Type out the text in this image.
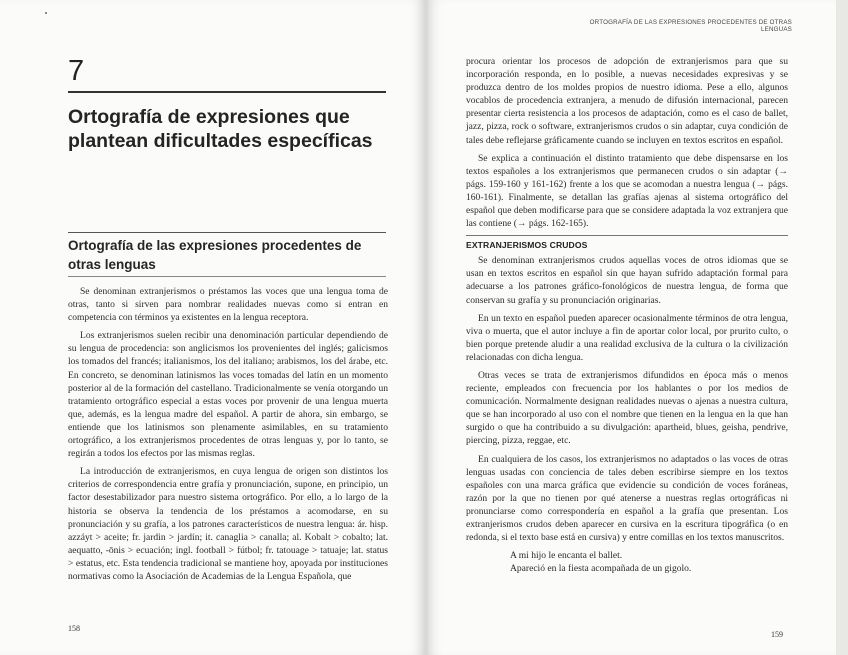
7
Ortografía de expresiones que plantean dificultades específicas
Ortografía de las expresiones procedentes de otras lenguas

Se denominan extranjerismos o préstamos las voces que una lengua toma de otras, tanto si sirven para nombrar realidades nuevas como si entran en competencia con términos ya existentes en la lengua receptora.

Los extranjerismos suelen recibir una denominación particular dependiendo de su lengua de procedencia: son anglicismos los provenientes del inglés; galicismos los tomados del francés; italianismos, los del italiano; arabismos, los del árabe, etc. En concreto, se denominan latinismos las voces tomadas del latín en un momento posterior al de la formación del castellano. Tradicionalmente se venía otorgando un tratamiento ortográfico especial a estas voces por provenir de una lengua muerta que, además, es la lengua madre del español. A partir de ahora, sin embargo, se entiende que los latinismos son plenamente asimilables, en su tratamiento ortográfico, a los extranjerismos procedentes de otras lenguas y, por lo tanto, se regirán a todos los efectos por las mismas reglas.

La introducción de extranjerismos, en cuya lengua de origen son distintos los criterios de correspondencia entre grafía y pronunciación, supone, en principio, un factor desestabilizador para nuestro sistema ortográfico. Por ello, a lo largo de la historia se observa la tendencia de los préstamos a acomodarse, en su pronunciación y su grafía, a los patrones característicos de nuestra lengua: ár. hisp. azzáyt > aceite; fr. jardin > jardín; it. canaglia > canalla; al. Kobalt > cobalto; lat. aequatto, -ōnis > ecuación; ingl. football > fútbol; fr. tatouage > tatuaje; lat. status > estatus, etc. Esta tendencia tradicional se mantiene hoy, apoyada por instituciones normativas como la Asociación de Academias de la Lengua Española, que

158
ORTOGRAFÍA DE LAS EXPRESIONES PROCEDENTES DE OTRAS LENGUAS

procura orientar los procesos de adopción de extranjerismos para que su incorporación responda, en lo posible, a nuevas necesidades expresivas y se produzca dentro de los moldes propios de nuestro idioma. Pese a ello, algunos vocablos de procedencia extranjera, a menudo de difusión internacional, parecen presentar cierta resistencia a los procesos de adaptación, como es el caso de ballet, jazz, pizza, rock o software, extranjerismos crudos o sin adaptar, cuya condición de tales debe reflejarse gráficamente cuando se incluyen en textos escritos en español.

Se explica a continuación el distinto tratamiento que debe dispensarse en los textos españoles a los extranjerismos que permanecen crudos o sin adaptar (→ págs. 159-160 y 161-162) frente a los que se acomodan a nuestra lengua (→ págs. 160-161). Finalmente, se detallan las grafías ajenas al sistema ortográfico del español que deben modificarse para que se considere adaptada la voz extranjera que las contiene (→ págs. 162-165).

EXTRANJERISMOS CRUDOS

Se denominan extranjerismos crudos aquellas voces de otros idiomas que se usan en textos escritos en español sin que hayan sufrido adaptación formal para adecuarse a los patrones gráfico-fonológicos de nuestra lengua, de forma que conservan su grafía y su pronunciación originarias.

En un texto en español pueden aparecer ocasionalmente términos de otra lengua, viva o muerta, que el autor incluye a fin de aportar color local, por prurito culto, o bien porque pretende aludir a una realidad exclusiva de la cultura o la civilización relacionadas con dicha lengua.

Otras veces se trata de extranjerismos difundidos en época más o menos reciente, empleados con frecuencia por los hablantes o por los medios de comunicación. Normalmente designan realidades nuevas o ajenas a nuestra cultura, que se han incorporado al uso con el nombre que tienen en la lengua en la que han surgido o que ha contribuido a su divulgación: apartheid, blues, geisha, pendrive, piercing, pizza, reggae, etc.

En cualquiera de los casos, los extranjerismos no adaptados o las voces de otras lenguas usadas con conciencia de tales deben escribirse siempre en los textos españoles con una marca gráfica que evidencie su condición de voces foráneas, razón por la que no tienen por qué atenerse a nuestras reglas ortográficas ni pronunciarse como correspondería en español a la grafía que presentan. Los extranjerismos crudos deben aparecer en cursiva en la escritura tipográfica (o en redonda, si el texto base está en cursiva) y entre comillas en los textos manuscritos.

A mi hijo le encanta el ballet.
Apareció en la fiesta acompañada de un gigolo.
159
